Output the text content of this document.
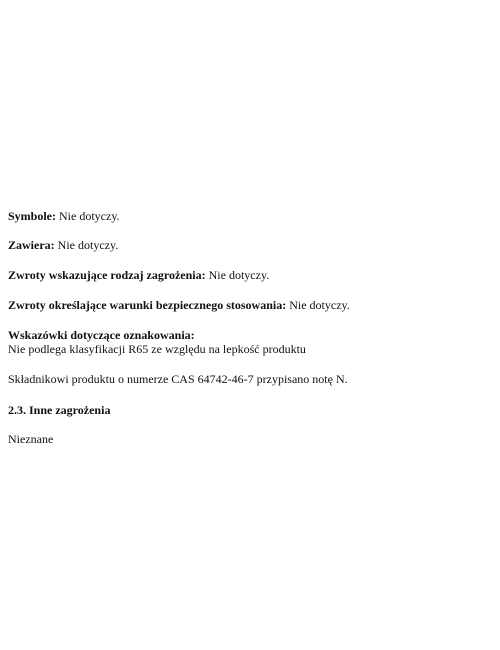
Symbole: Nie dotyczy.
Zawiera: Nie dotyczy.
Zwroty wskazujące rodzaj zagrożenia: Nie dotyczy.
Zwroty określające warunki bezpiecznego stosowania: Nie dotyczy.
Wskazówki dotyczące oznakowania:
Nie podlega klasyfikacji R65 ze względu na lepkość produktu
Składnikowi produktu o numerze CAS 64742-46-7 przypisano notę N.
2.3. Inne zagrożenia
Nieznane
